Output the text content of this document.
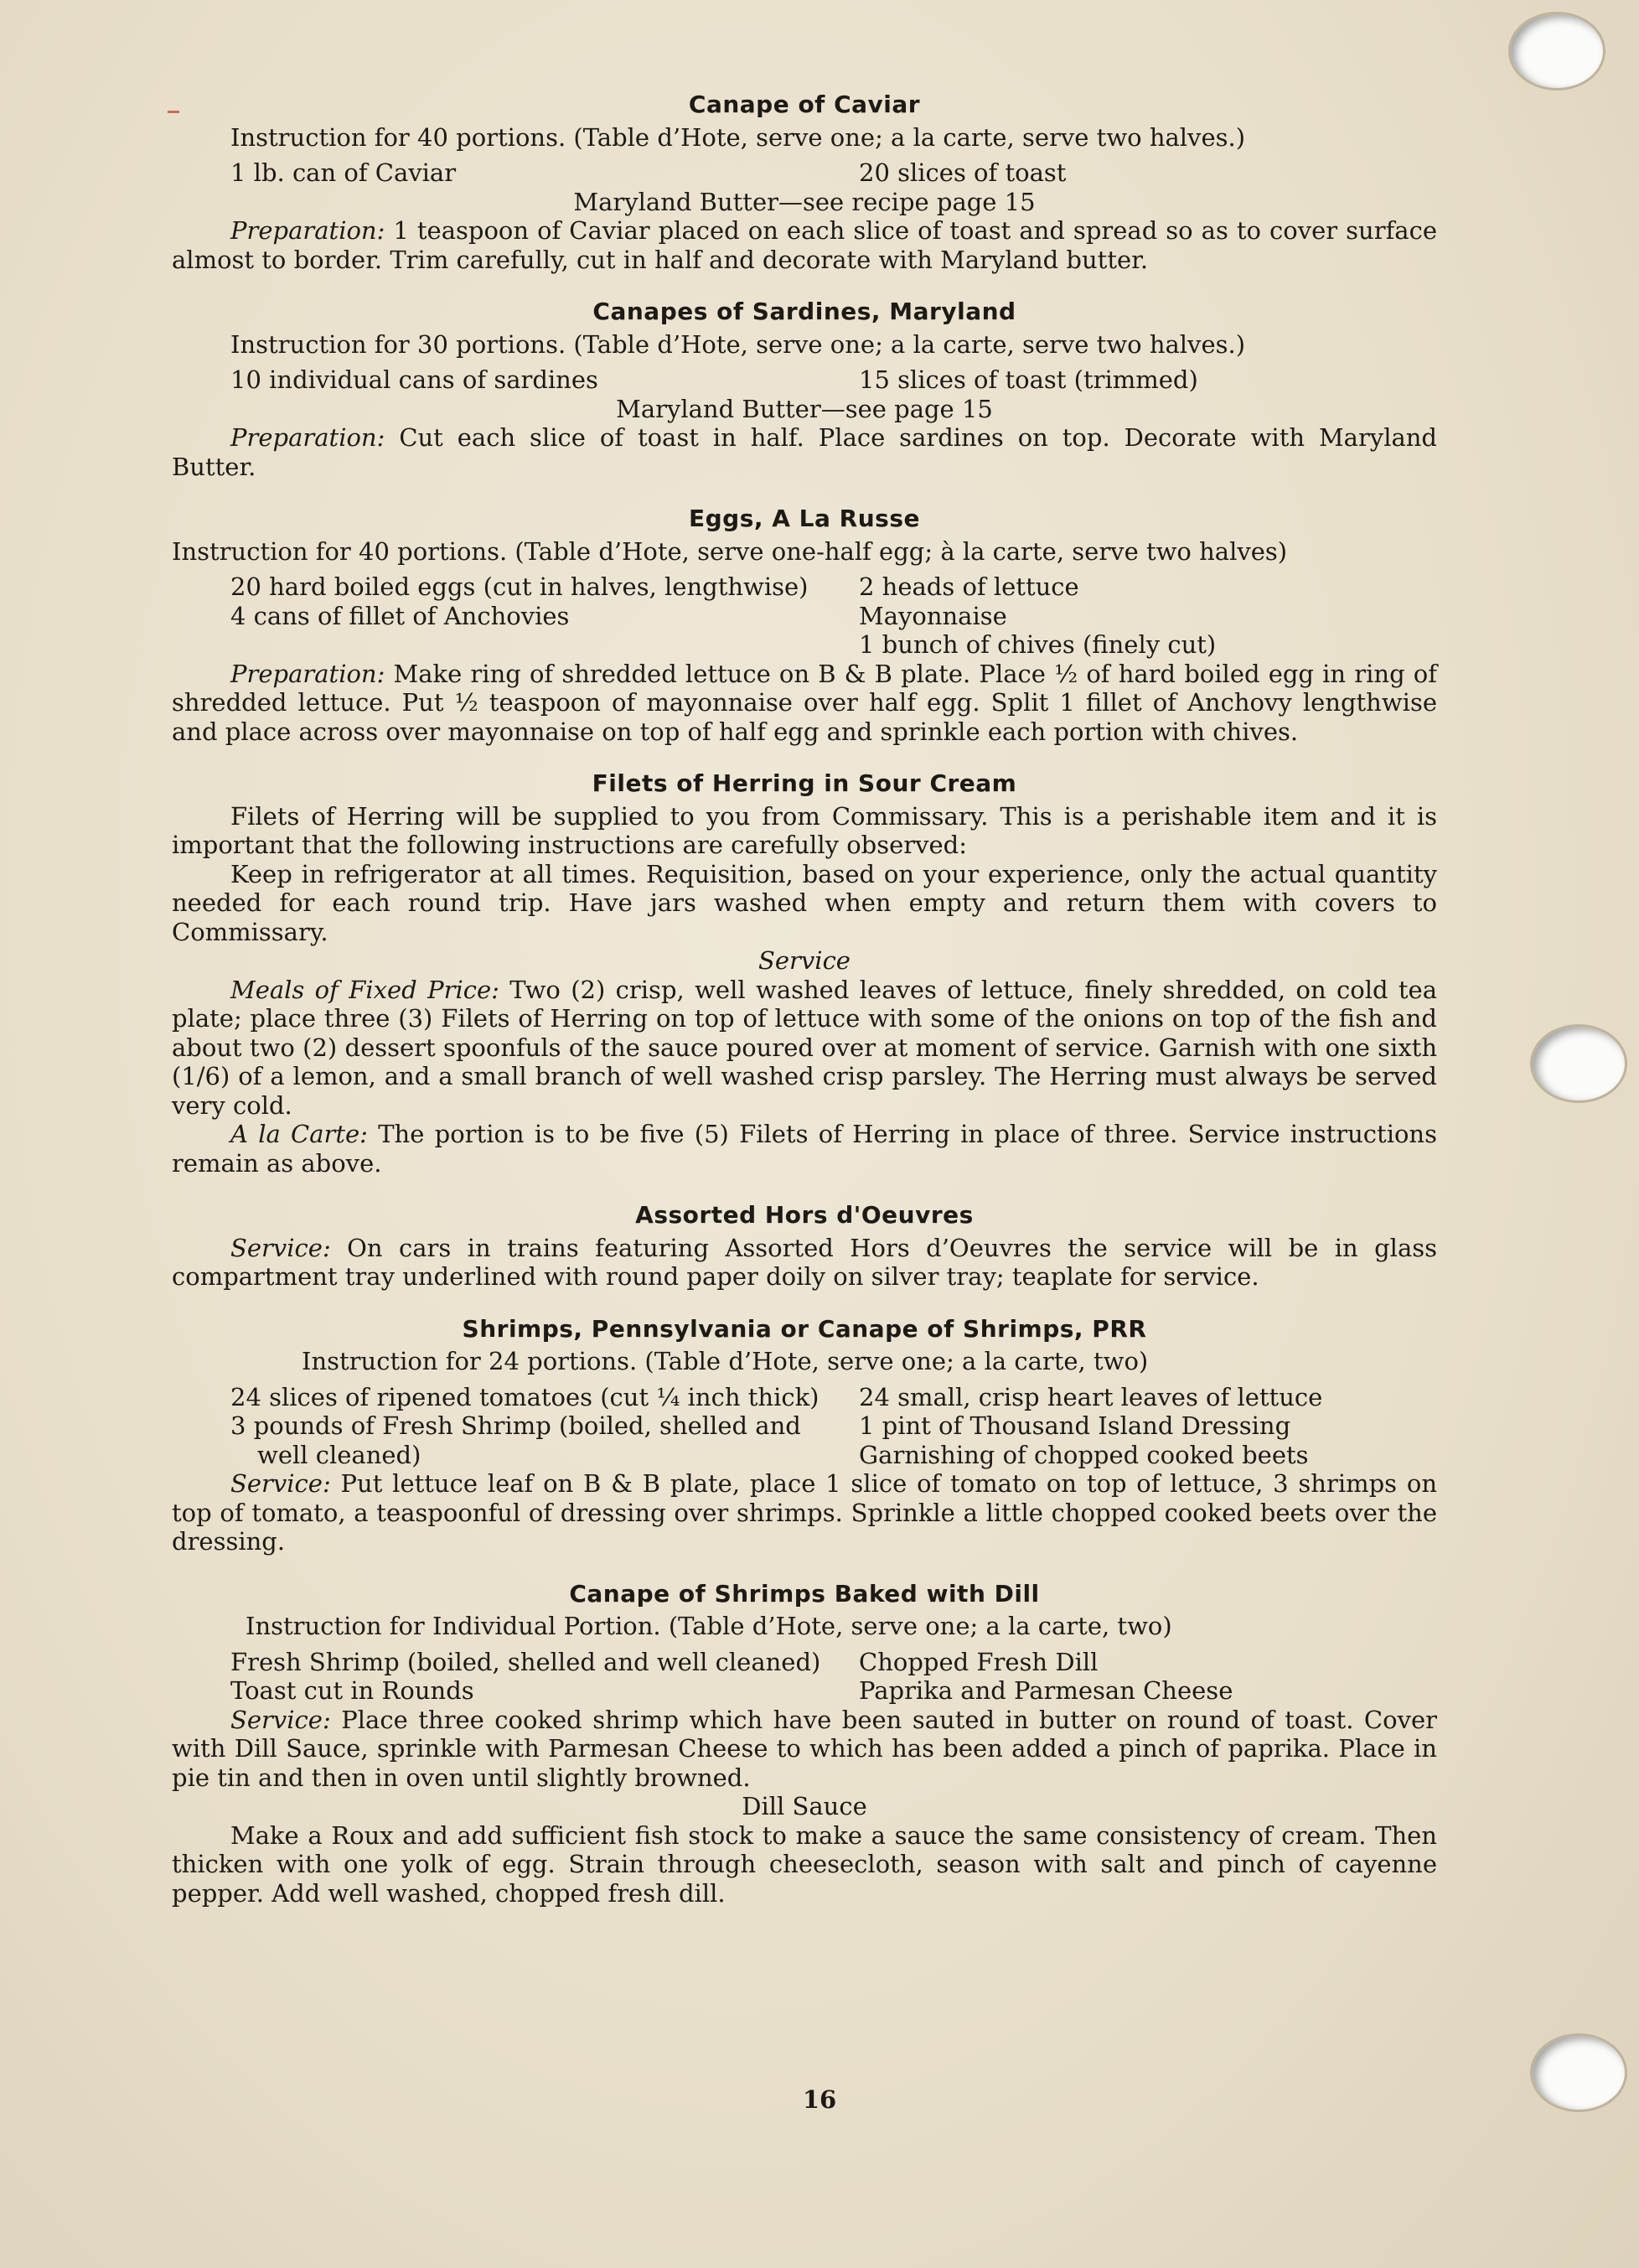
Canape of Caviar

Instruction for 40 portions. (Table d’Hote, serve one; a la carte, serve two halves.)

1 lb. can of Caviar	20 slices of toast

Maryland Butter—see recipe page 15

Preparation: 1 teaspoon of Caviar placed on each slice of toast and spread so as to cover surface almost to border. Trim carefully, cut in half and decorate with Maryland butter.

Canapes of Sardines, Maryland

Instruction for 30 portions. (Table d’Hote, serve one; a la carte, serve two halves.)

10 individual cans of sardines	15 slices of toast (trimmed)

Maryland Butter—see page 15

Preparation: Cut each slice of toast in half. Place sardines on top. Decorate with Maryland Butter.

Eggs, A La Russe

Instruction for 40 portions. (Table d’Hote, serve one-half egg; à la carte, serve two halves)

20 hard boiled eggs (cut in halves, lengthwise)
4 cans of fillet of Anchovies
2 heads of lettuce
Mayonnaise
1 bunch of chives (finely cut)

Preparation: Make ring of shredded lettuce on B & B plate. Place ½ of hard boiled egg in ring of shredded lettuce. Put ½ teaspoon of mayonnaise over half egg. Split 1 fillet of Anchovy lengthwise and place across over mayonnaise on top of half egg and sprinkle each portion with chives.

Filets of Herring in Sour Cream

Filets of Herring will be supplied to you from Commissary. This is a perishable item and it is important that the following instructions are carefully observed:

Keep in refrigerator at all times. Requisition, based on your experience, only the actual quantity needed for each round trip. Have jars washed when empty and return them with covers to Commissary.

Service

Meals of Fixed Price: Two (2) crisp, well washed leaves of lettuce, finely shredded, on cold tea plate; place three (3) Filets of Herring on top of lettuce with some of the onions on top of the fish and about two (2) dessert spoonfuls of the sauce poured over at moment of service. Garnish with one sixth (1/6) of a lemon, and a small branch of well washed crisp parsley. The Herring must always be served very cold.

A la Carte: The portion is to be five (5) Filets of Herring in place of three. Service instructions remain as above.

Assorted Hors d'Oeuvres

Service: On cars in trains featuring Assorted Hors d’Oeuvres the service will be in glass compartment tray underlined with round paper doily on silver tray; teaplate for service.

Shrimps, Pennsylvania or Canape of Shrimps, PRR

Instruction for 24 portions. (Table d’Hote, serve one; a la carte, two)

24 slices of ripened tomatoes (cut ¼ inch thick)
3 pounds of Fresh Shrimp (boiled, shelled and well cleaned)
24 small, crisp heart leaves of lettuce
1 pint of Thousand Island Dressing
Garnishing of chopped cooked beets

Service: Put lettuce leaf on B & B plate, place 1 slice of tomato on top of lettuce, 3 shrimps on top of tomato, a teaspoonful of dressing over shrimps. Sprinkle a little chopped cooked beets over the dressing.

Canape of Shrimps Baked with Dill

Instruction for Individual Portion. (Table d’Hote, serve one; a la carte, two)

Fresh Shrimp (boiled, shelled and well cleaned)
Toast cut in Rounds
Chopped Fresh Dill
Paprika and Parmesan Cheese

Service: Place three cooked shrimp which have been sauted in butter on round of toast. Cover with Dill Sauce, sprinkle with Parmesan Cheese to which has been added a pinch of paprika. Place in pie tin and then in oven until slightly browned.

Dill Sauce

Make a Roux and add sufficient fish stock to make a sauce the same consistency of cream. Then thicken with one yolk of egg. Strain through cheesecloth, season with salt and pinch of cayenne pepper. Add well washed, chopped fresh dill.

16
